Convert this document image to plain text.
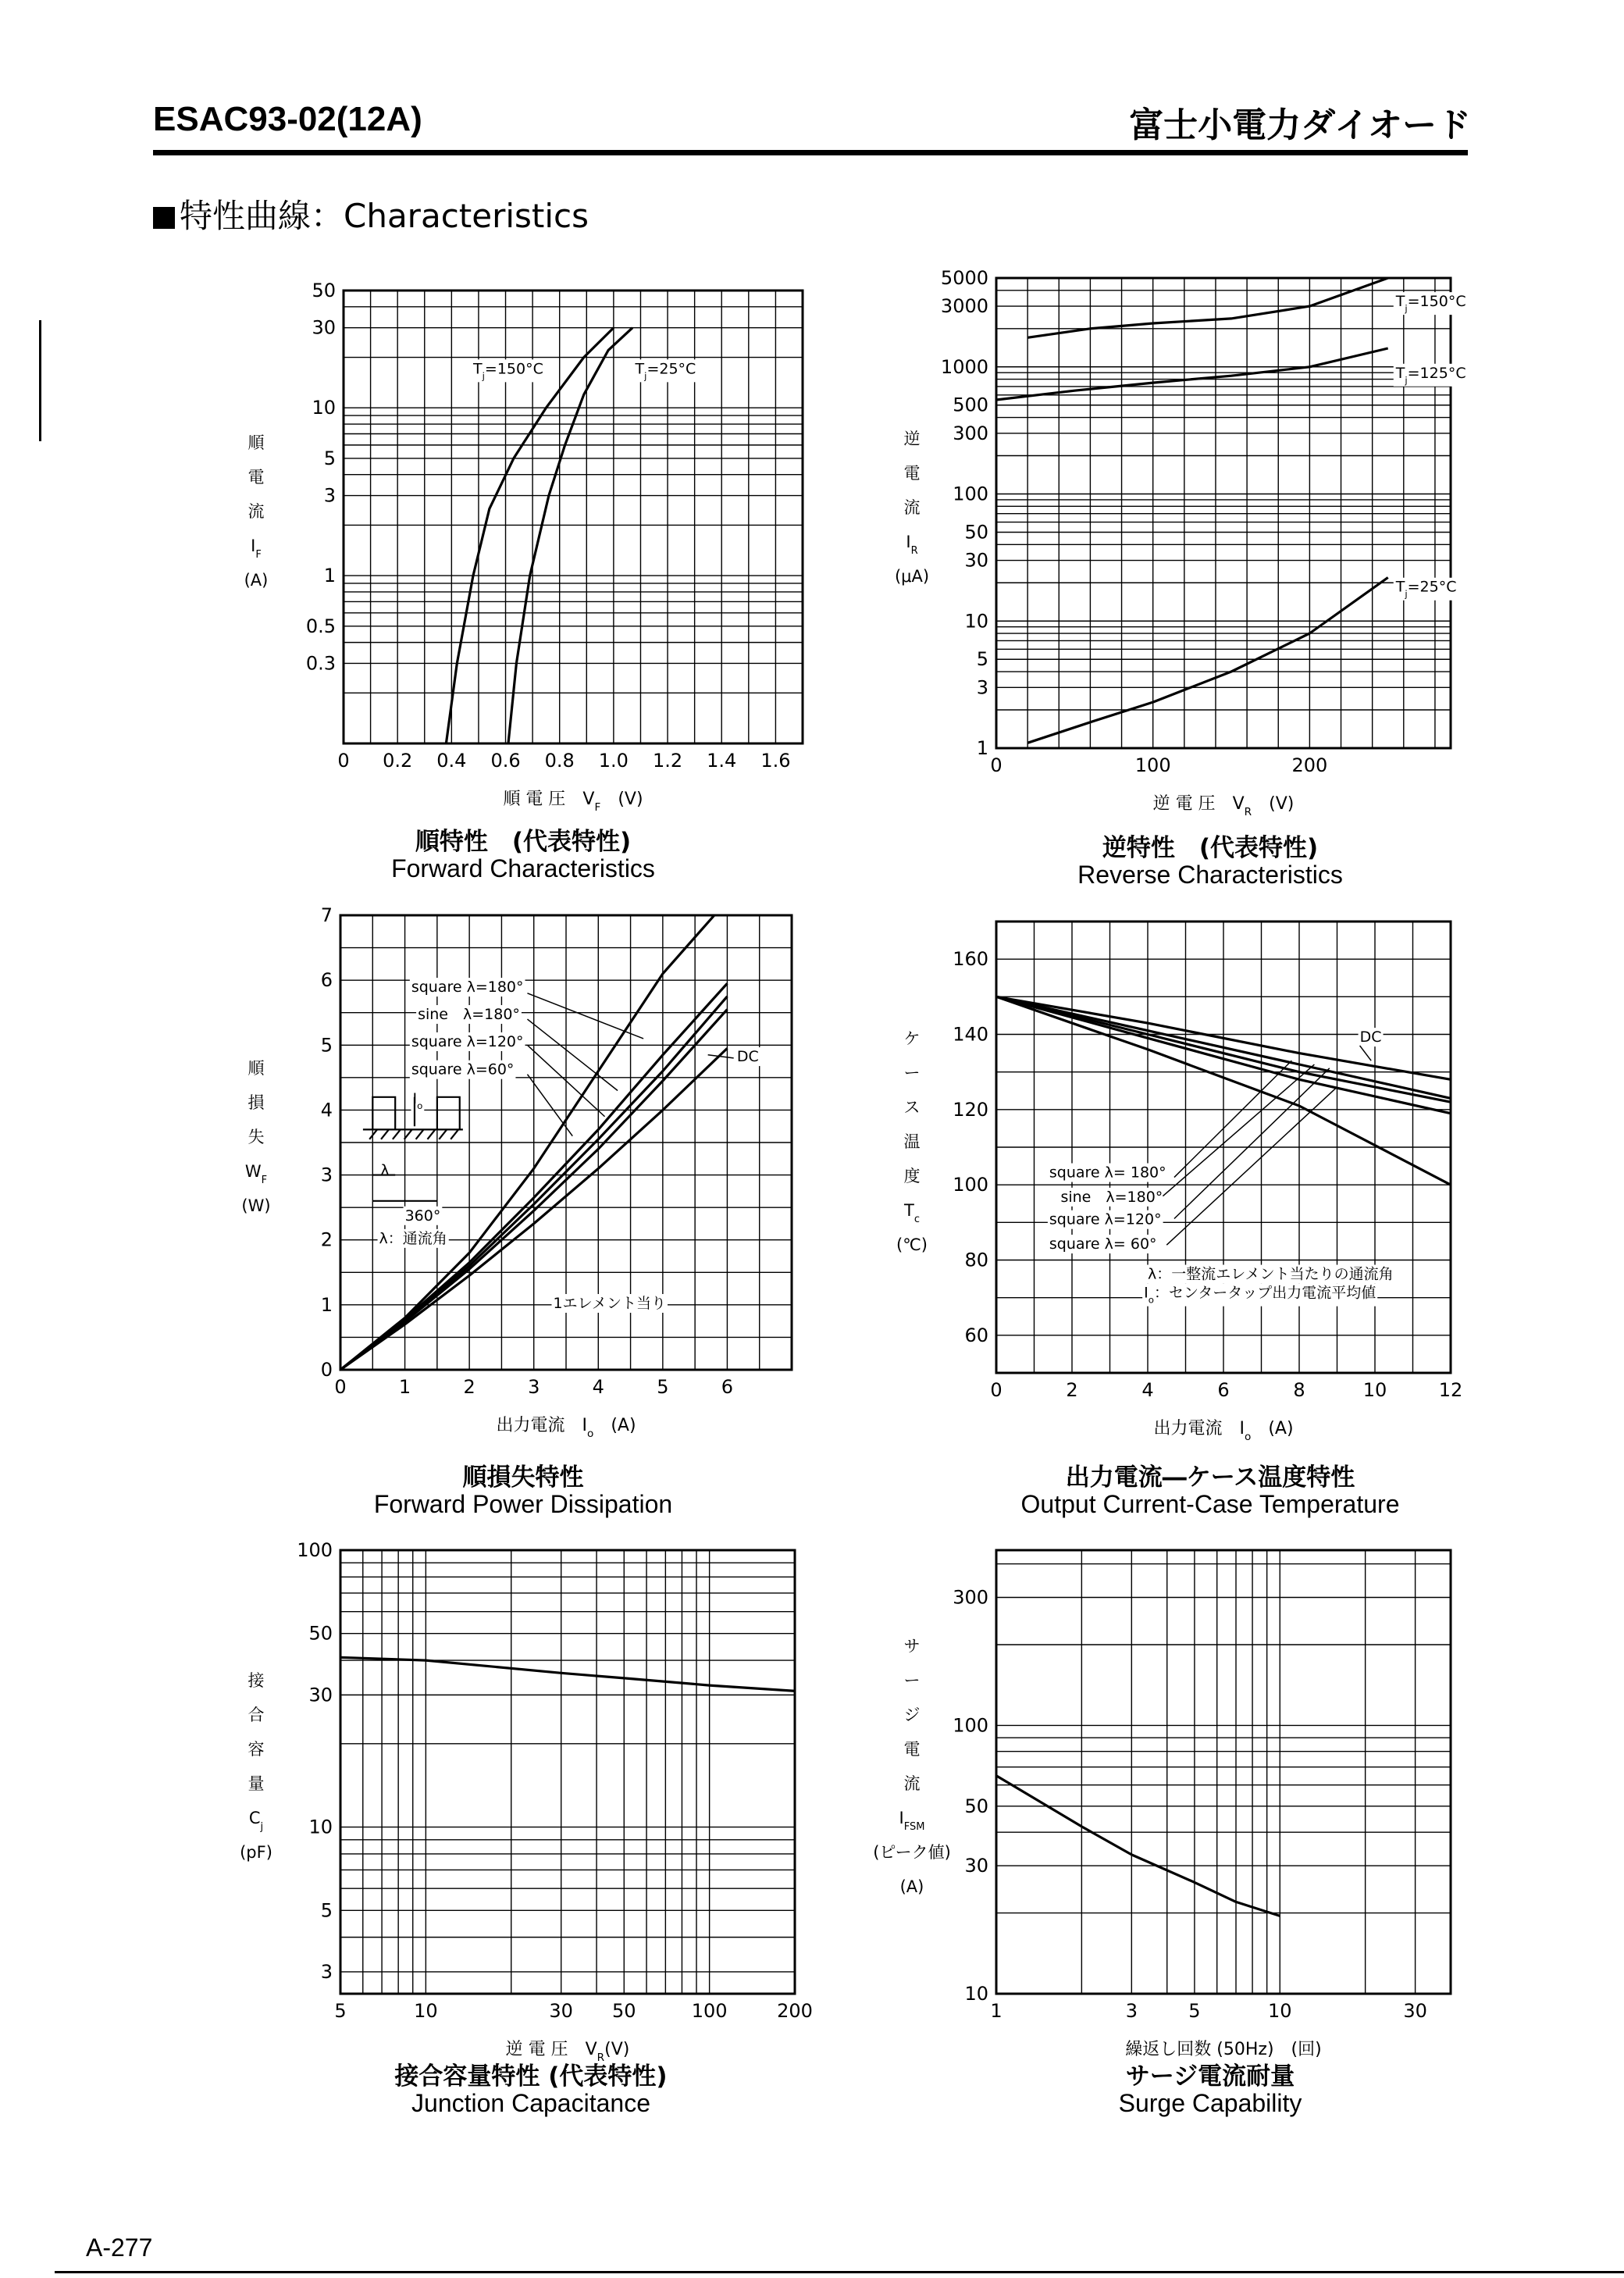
ESAC93-02(12A)	富士小電力ダイオード
特性曲線：Characteristics
0 0.2 0.4 0.6 0.8 1.0 1.2 1.4 1.6
0.3
0.5
1
3
5
10
30
50
順 電 圧　$V_F$　(V)
順
電
流
$I_F$
(A)
$T_j=150^\circ C$	$T_j=25^\circ C$
順特性　(代表特性)
Forward Characteristics
0	100	200
1
3
5
10
30
50
100
300
500
1000
3000
5000
逆 電 圧　$V_R$　(V)
逆
電
流
$I_R$
(μA)
$T_j=150^\circ C$
$T_j=125^\circ C$
$T_j=25^\circ C$
逆特性　(代表特性)
Reverse Characteristics
0	1	2	3	4	5	6
0
1
2
3
4
5
6
7
出力電流　$I_o$　(A)
順
損
失
$W_F$
(W)
square λ=180°
sine　λ=180°
square λ=120°
square λ=60°
DC
$I_o$
λ
360°
λ：通流角
1エレメント当り
順損失特性
Forward Power Dissipation
0	2	4	6	8	10	12
60
80
100
120
140
160
出力電流　$I_o$　(A)
ケ
ー
ス
温
度
$T_c$
(℃)
DC
square λ= 180°
sine　λ=180°
square λ=120°
square λ= 60°
λ：一整流エレメント当たりの通流角
$I_o$：センタータップ出力電流平均値
出力電流―ケース温度特性
Output Current-Case Temperature
5	10	30 50	100	200
3
5
10
30
50
100
逆 電 圧　$V_R(V)$
接
合
容
量
$C_j$
(pF)
接合容量特性 (代表特性)
Junction Capacitance
1	3	5	10	30
10
30
50
100
300
繰返し回数 (50Hz)　(回)
サ
ー
ジ
電
流
$I_{FSM}$
(ピーク値)
(A)
サージ電流耐量
Surge Capability
A-277
